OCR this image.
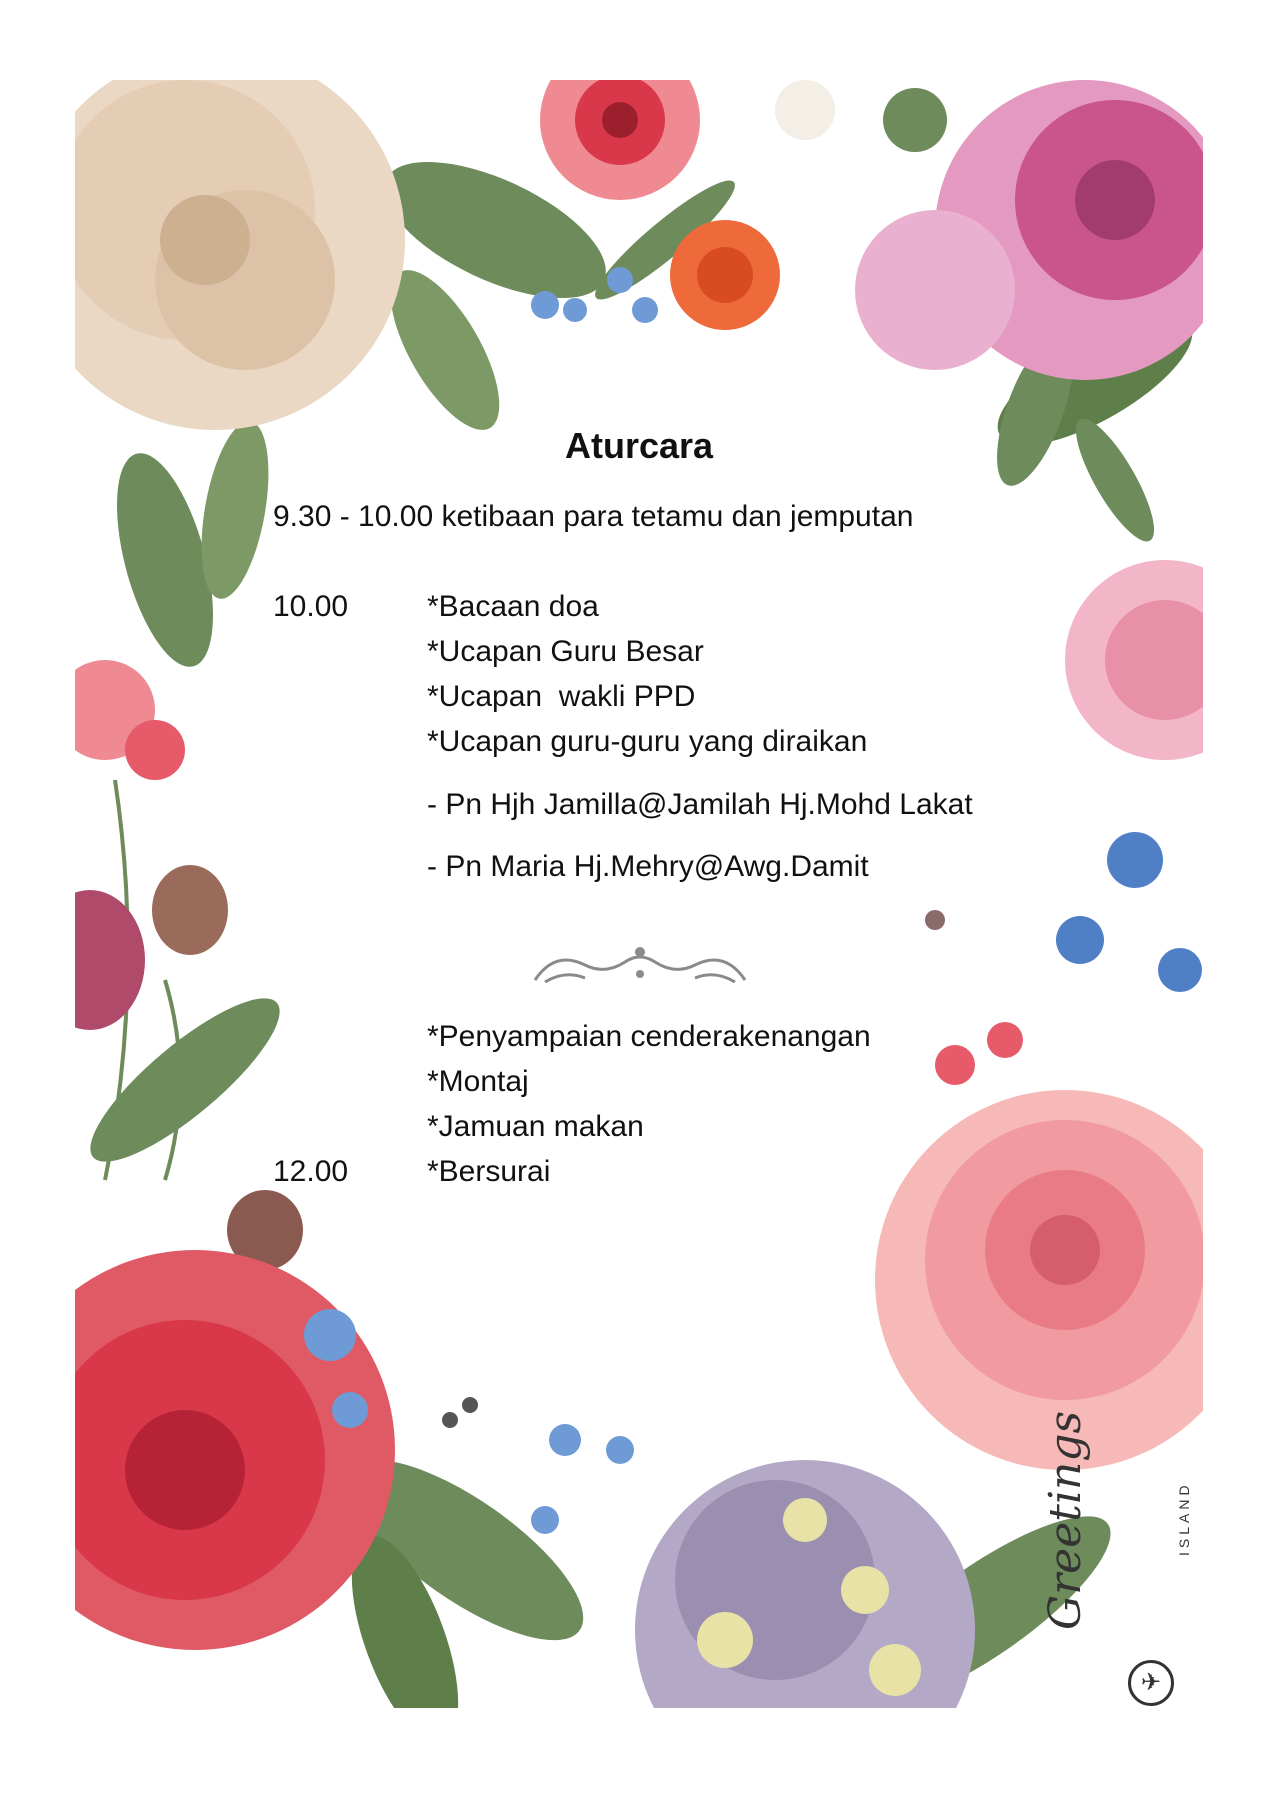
Aturcara
9.30 - 10.00 ketibaan para tetamu dan jemputan
10.00	*Bacaan doa
*Ucapan Guru Besar
*Ucapan  wakli PPD
*Ucapan guru-guru yang diraikan
- Pn Hjh Jamilla@Jamilah Hj.Mohd Lakat
- Pn Maria Hj.Mehry@Awg.Damit
*Penyampaian cenderakenangan
*Montaj
*Jamuan makan
12.00	*Bersurai
Greetings	ISLAND
✈
